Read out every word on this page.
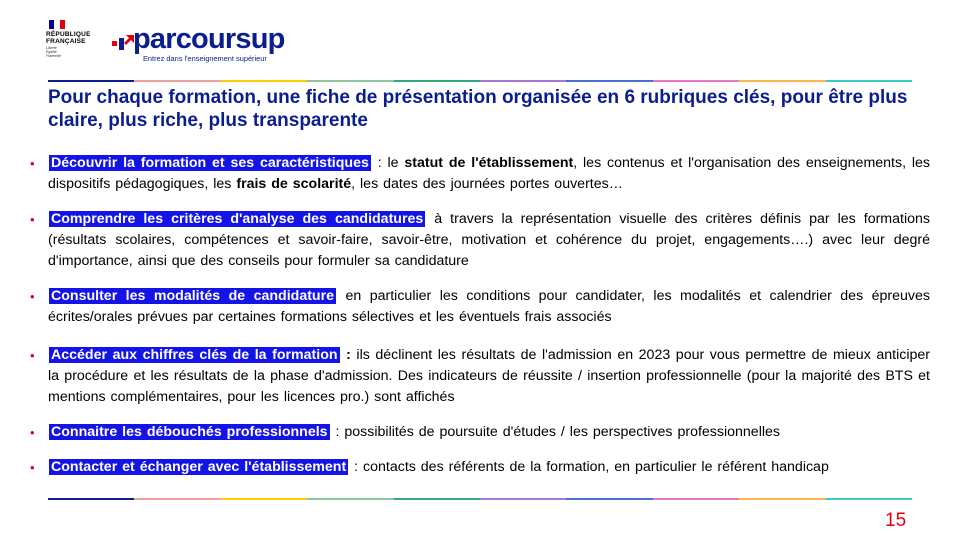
RÉPUBLIQUE
FRANÇAISE
Liberté
Égalité
Fraternité
parcoursup
Entrez dans l'enseignement supérieur
Pour chaque formation, une fiche de présentation organisée en 6 rubriques clés, pour être plus claire, plus riche, plus transparente
• Découvrir la formation et ses caractéristiques : le statut de l'établissement, les contenus et l'organisation des enseignements, les dispositifs pédagogiques, les frais de scolarité, les dates des journées portes ouvertes…
• Comprendre les critères d'analyse des candidatures à travers la représentation visuelle des critères définis par les formations (résultats scolaires, compétences et savoir-faire, savoir-être, motivation et cohérence du projet, engagements….) avec leur degré d'importance, ainsi que des conseils pour formuler sa candidature
• Consulter les modalités de candidature en particulier les conditions pour candidater, les modalités et calendrier des épreuves écrites/orales prévues par certaines formations sélectives et les éventuels frais associés
• Accéder aux chiffres clés de la formation : ils déclinent les résultats de l'admission en 2023 pour vous permettre de mieux anticiper la procédure et les résultats de la phase d'admission. Des indicateurs de réussite / insertion professionnelle (pour la majorité des BTS et mentions complémentaires, pour les licences pro.) sont affichés
• Connaitre les débouchés professionnels : possibilités de poursuite d'études / les perspectives professionnelles
• Contacter et échanger avec l'établissement : contacts des référents de la formation, en particulier le référent handicap
15
